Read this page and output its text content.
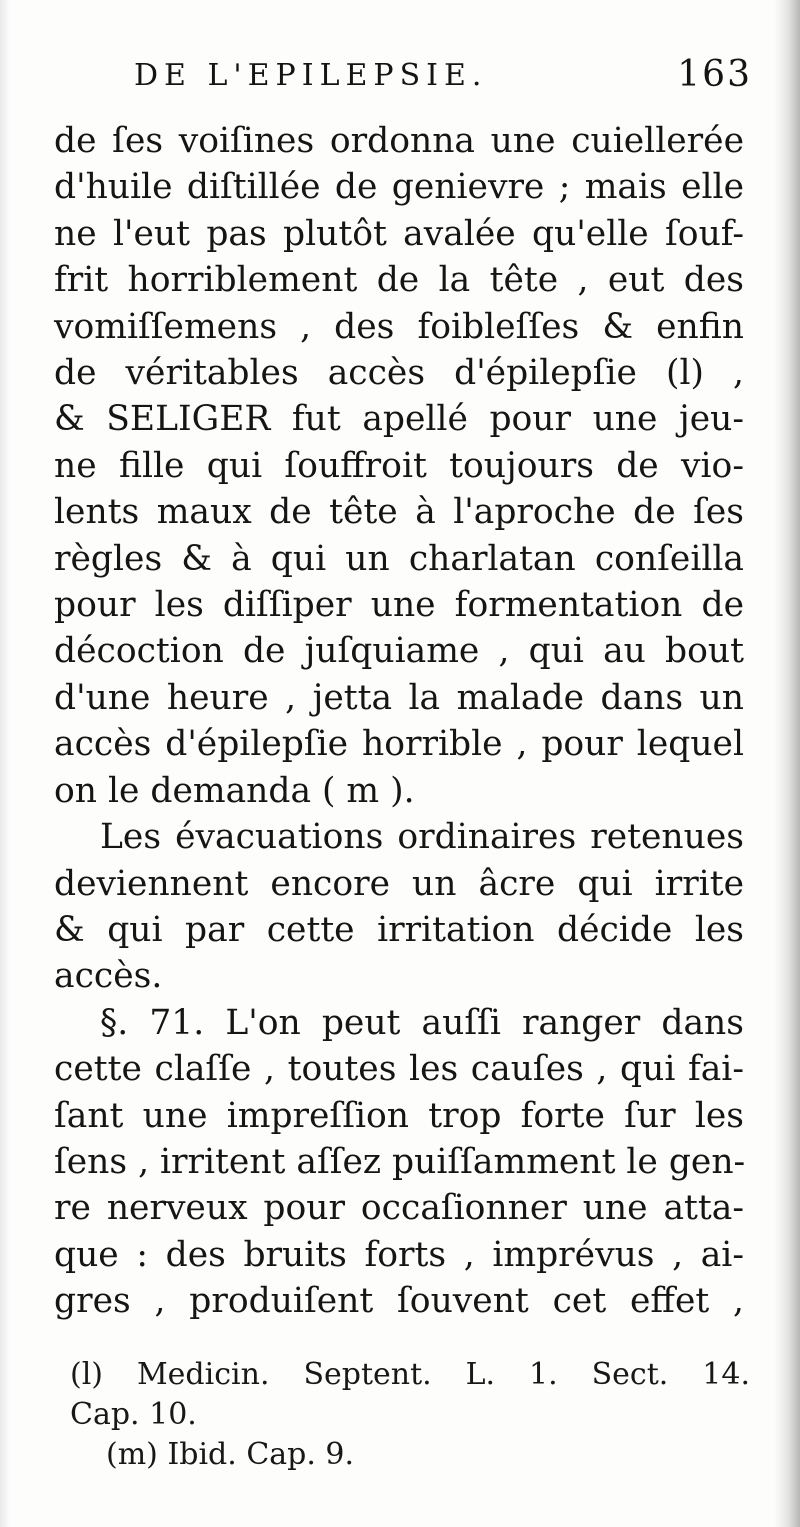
DE L'EPILEPSIE.	163
de ſes voiſines ordonna une cuiellerée
d'huile diſtillée de genievre ; mais elle
ne l'eut pas plutôt avalée qu'elle ſouf-
frit horriblement de la tête , eut des
vomiſſemens , des foibleſſes & enfin
de véritables accès d'épilepſie (l) ,
& SELIGER fut apellé pour une jeu-
ne fille qui ſouffroit toujours de vio-
lents maux de tête à l'aproche de ſes
règles & à qui un charlatan conſeilla
pour les diſſiper une formentation de
décoction de juſquiame , qui au bout
d'une heure , jetta la malade dans un
accès d'épilepſie horrible , pour lequel
on le demanda ( m ).
Les évacuations ordinaires retenues
deviennent encore un âcre qui irrite
& qui par cette irritation décide les
accès.
§. 71. L'on peut auſſi ranger dans
cette claſſe , toutes les cauſes , qui fai-
ſant une impreſſion trop forte ſur les
ſens , irritent aſſez puiſſamment le gen-
re nerveux pour occaſionner une atta-
que : des bruits forts , imprévus , ai-
gres , produiſent ſouvent cet effet ,
(l) Medicin. Septent. L. 1. Sect. 14.
Cap. 10.
(m) Ibid. Cap. 9.
